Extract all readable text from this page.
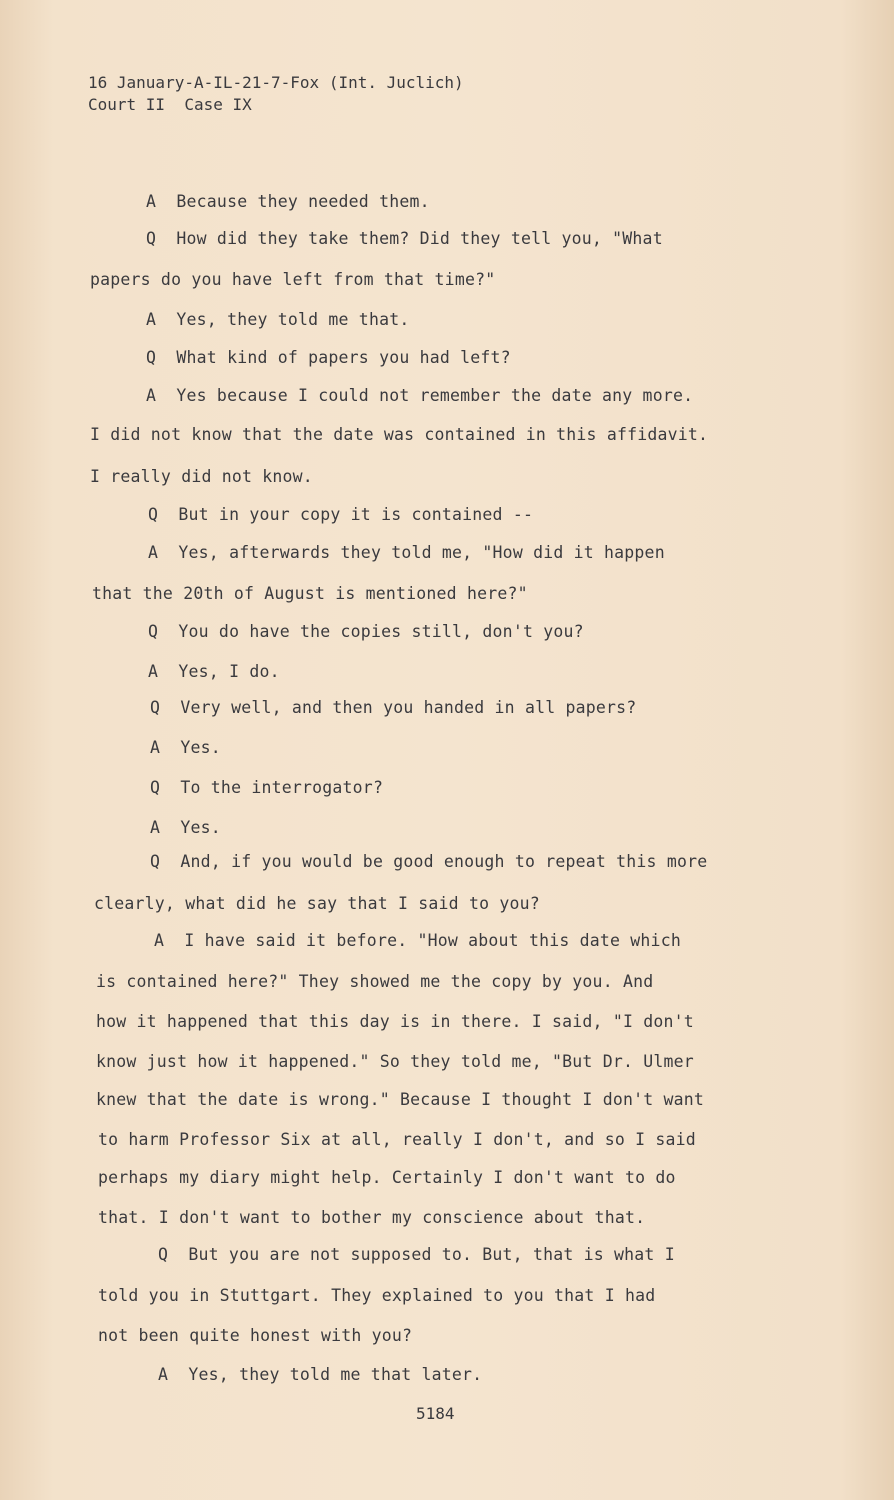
16 January-A-IL-21-7-Fox (Int. Juclich)
Court II  Case IX
A  Because they needed them.
Q  How did they take them? Did they tell you, "What
papers do you have left from that time?"
A  Yes, they told me that.
Q  What kind of papers you had left?
A  Yes because I could not remember the date any more.
I did not know that the date was contained in this affidavit.
I really did not know.
Q  But in your copy it is contained --
A  Yes, afterwards they told me, "How did it happen
that the 20th of August is mentioned here?"
Q  You do have the copies still, don't you?
A  Yes, I do.
Q  Very well, and then you handed in all papers?
A  Yes.
Q  To the interrogator?
A  Yes.
Q  And, if you would be good enough to repeat this more
clearly, what did he say that I said to you?
A  I have said it before. "How about this date which
is contained here?" They showed me the copy by you. And
how it happened that this day is in there. I said, "I don't
know just how it happened." So they told me, "But Dr. Ulmer
knew that the date is wrong." Because I thought I don't want
to harm Professor Six at all, really I don't, and so I said
perhaps my diary might help. Certainly I don't want to do
that. I don't want to bother my conscience about that.
Q  But you are not supposed to. But, that is what I
told you in Stuttgart. They explained to you that I had
not been quite honest with you?
A  Yes, they told me that later.
5184
